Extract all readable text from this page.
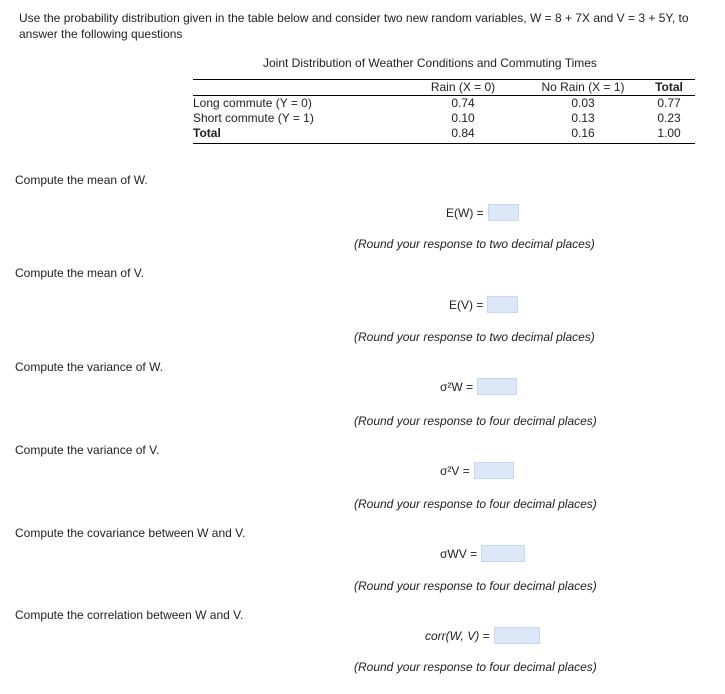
Use the probability distribution given in the table below and consider two new random variables, W = 8 + 7X and V = 3 + 5Y, to answer the following questions
Joint Distribution of Weather Conditions and Commuting Times
	Rain (X = 0)	No Rain (X = 1)	Total
Long commute (Y = 0)	0.74	0.03	0.77
Short commute (Y = 1)	0.10	0.13	0.23
Total	0.84	0.16	1.00
Compute the mean of W.
E(W) =
(Round your response to two decimal places)
Compute the mean of V.
E(V) =
(Round your response to two decimal places)
Compute the variance of W.
σ²W =
(Round your response to four decimal places)
Compute the variance of V.
σ²V =
(Round your response to four decimal places)
Compute the covariance between W and V.
σWV =
(Round your response to four decimal places)
Compute the correlation between W and V.
corr(W, V) =
(Round your response to four decimal places)
